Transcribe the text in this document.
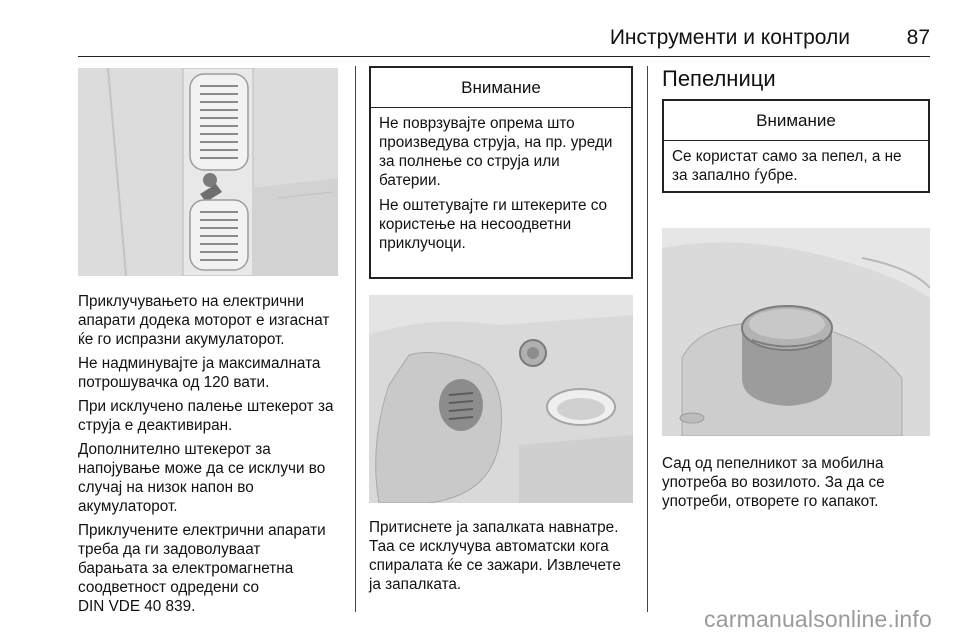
Инструменти и контроли	87

Приклучувањето на електрични
апарати додека моторот е изгаснат
ќе го испразни акумулаторот.

Не надминувајте ја максималната
потрошувачка од 120 вати.

При исклучено палење штекерот за
струја е деактивиран.

Дополнително штекерот за
напојување може да се исклучи во
случај на низок напон во
акумулаторот.

Приклучените електрични апарати
треба да ги задоволуваат
барањата за електромагнетна
соодветност одредени со
DIN VDE 40 839.

Внимание

Не поврзувајте опрема што
произведува струја, на пр. уреди
за полнење со струја или
батерии.

Не оштетувајте ги штекерите со
користење на несоодветни
приклучоци.

Притиснете ја запалката навнатре.
Таа се исклучува автоматски кога
спиралата ќе се зажари. Извлечете
ја запалката.

Пепелници
Внимание

Се користат само за пепел, а не
за запално ѓубре.

Сад од пепелникот за мобилна
употреба во возилото. За да се
употреби, отворете го капакот.

carmanualsonline.info
